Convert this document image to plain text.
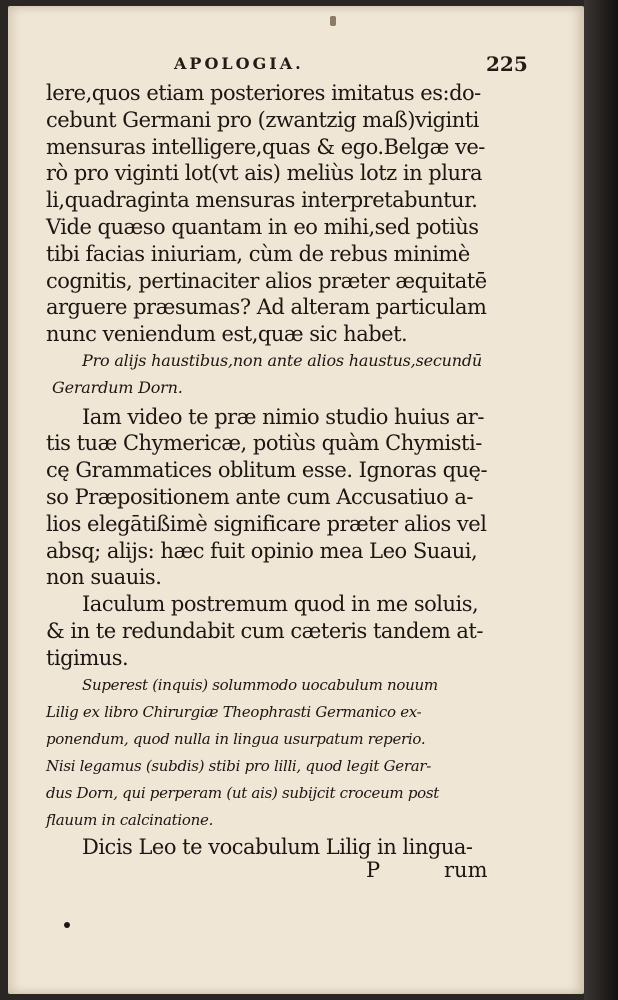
APOLOGIA.	225
lere,quos etiam posteriores imitatus es:do-
cebunt Germani pro (zwantzig maß)viginti
mensuras intelligere,quas & ego.Belgæ ve-
rò pro viginti lot(vt ais) meliùs lotz in plura
li,quadraginta mensuras interpretabuntur.
Vide quæso quantam in eo mihi,sed potiùs
tibi facias iniuriam, cùm de rebus minimè
cognitis, pertinaciter alios præter æquitatē
arguere præsumas? Ad alteram particulam
nunc veniendum est,quæ sic habet.
Pro alijs haustibus,non ante alios haustus,secundū
Gerardum Dorn.
Iam video te præ nimio studio huius ar-
tis tuæ Chymericæ, potiùs quàm Chymisti-
cę Grammatices oblitum esse. Ignoras quę-
so Præpositionem ante cum Accusatiuo a-
lios elegātißimè significare præter alios vel
absq; alijs: hæc fuit opinio mea Leo Suaui,
non suauis.
Iaculum postremum quod in me soluis,
& in te redundabit cum cæteris tandem at-
tigimus.
Superest (inquis) solummodo uocabulum nouum
Lilig ex libro Chirurgiæ Theophrasti Germanico ex-
ponendum, quod nulla in lingua usurpatum reperio.
Nisi legamus (subdis) stibi pro lilli, quod legit Gerar-
dus Dorn, qui perperam (ut ais) subijcit croceum post
flauum in calcinatione.
Dicis Leo te vocabulum Lilig in lingua-
P	rum
